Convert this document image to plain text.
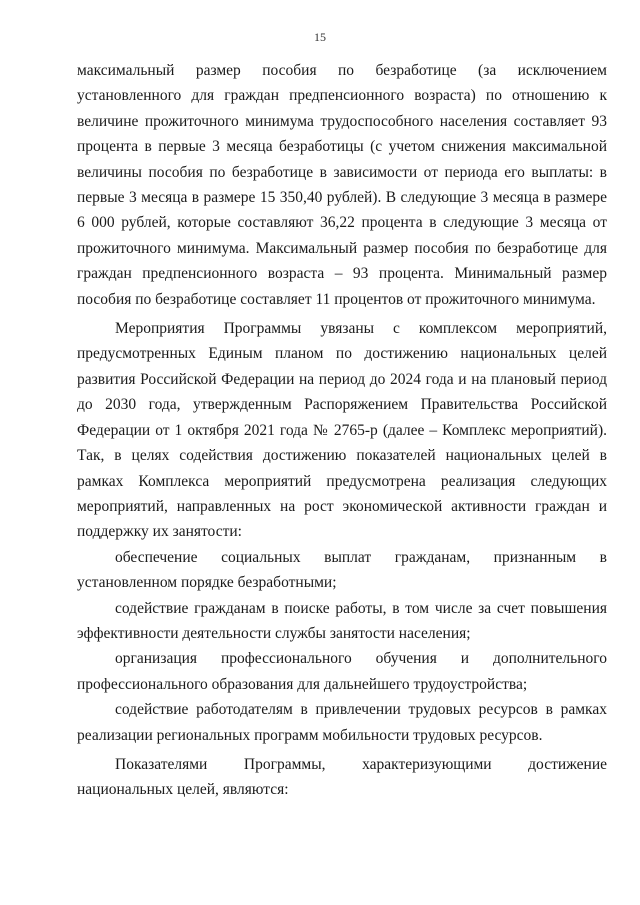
15

максимальный размер пособия по безработице (за исключением установленного для граждан предпенсионного возраста) по отношению к величине прожиточного минимума трудоспособного населения составляет 93 процента в первые 3 месяца безработицы (с учетом снижения максимальной величины пособия по безработице в зависимости от периода его выплаты: в первые 3 месяца в размере 15 350,40 рублей). В следующие 3 месяца в размере 6 000 рублей, которые составляют 36,22 процента в следующие 3 месяца от прожиточного минимума. Максимальный размер пособия по безработице для граждан предпенсионного возраста – 93 процента. Минимальный размер пособия по безработице составляет 11 процентов от прожиточного минимума.

Мероприятия Программы увязаны с комплексом мероприятий, предусмотренных Единым планом по достижению национальных целей развития Российской Федерации на период до 2024 года и на плановый период до 2030 года, утвержденным Распоряжением Правительства Российской Федерации от 1 октября 2021 года № 2765-р (далее – Комплекс мероприятий). Так, в целях содействия достижению показателей национальных целей в рамках Комплекса мероприятий предусмотрена реализация следующих мероприятий, направленных на рост экономической активности граждан и поддержку их занятости:

обеспечение социальных выплат гражданам, признанным в установленном порядке безработными;

содействие гражданам в поиске работы, в том числе за счет повышения эффективности деятельности службы занятости населения;

организация профессионального обучения и дополнительного профессионального образования для дальнейшего трудоустройства;

содействие работодателям в привлечении трудовых ресурсов в рамках реализации региональных программ мобильности трудовых ресурсов.

Показателями Программы, характеризующими достижение национальных целей, являются:
